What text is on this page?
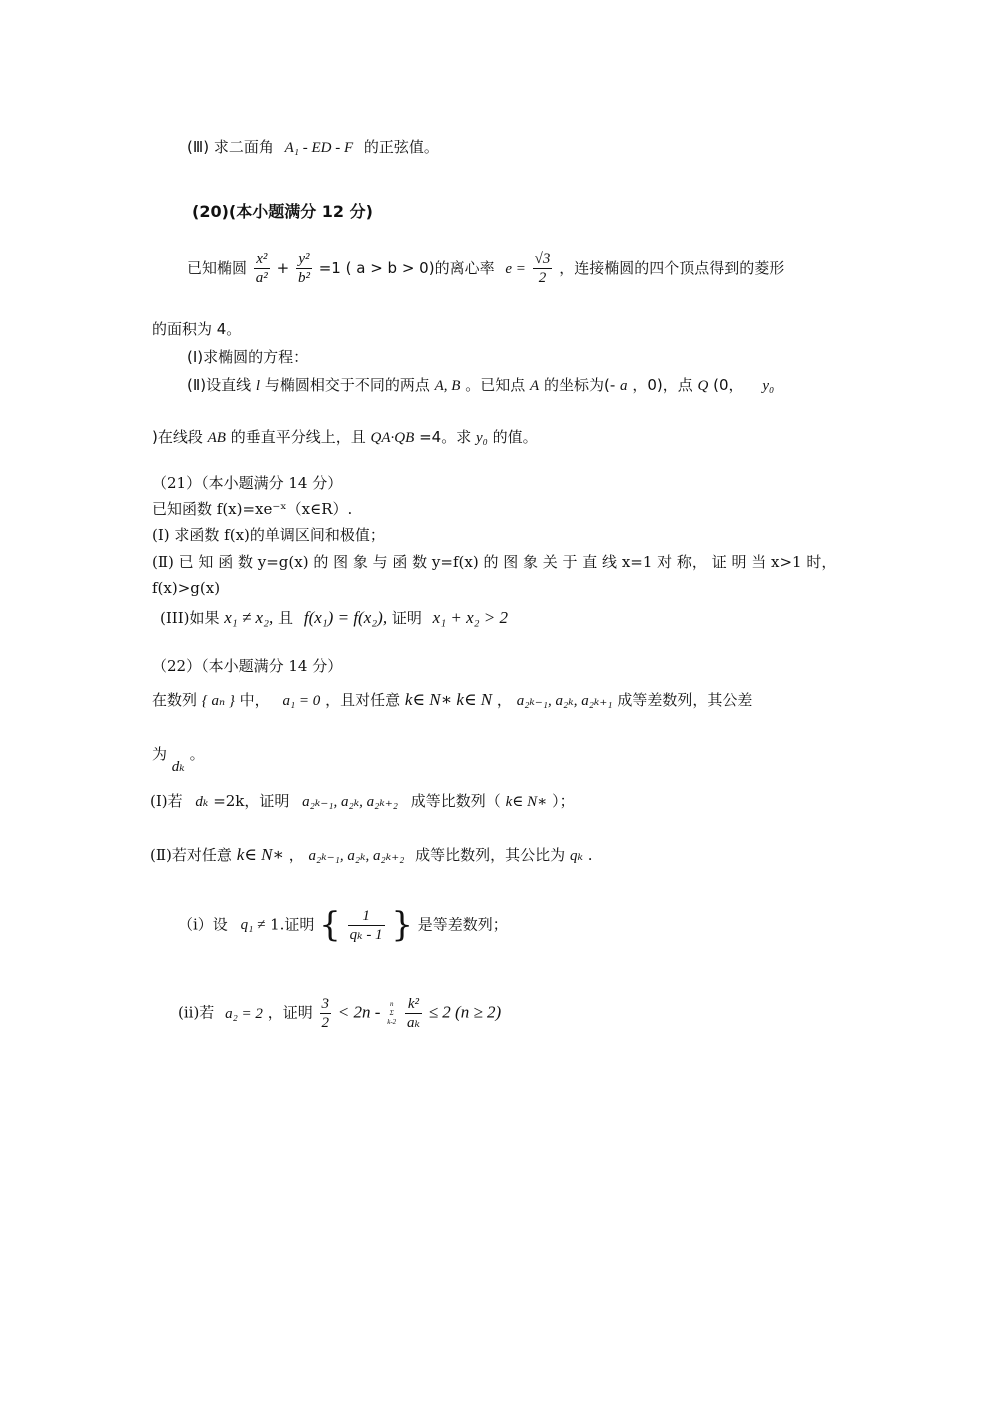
(Ⅲ) 求二面角 A₁ - ED - F 的正弦值。
(20)(本小题满分 12 分)
已知椭圆 $\frac{\text{x²}}{\text{a²}} + \frac{\text{y²}}{\text{b²}} =1$ ( a > b > 0)的离心率 $e = \frac{√3}{2}$ ，连接椭圆的四个顶点得到的菱形
的面积为 4。
(Ⅰ)求椭圆的方程：
(Ⅱ)设直线 l 与椭圆相交于不同的两点 A, B 。已知点 A 的坐标为(- a ，0)，点 Q (0， y₀
)在线段 AB 的垂直平分线上，且 QA·QB =4。求 y₀ 的值。
（21）（本小题满分 14 分）
已知函数 f(x)=xe⁻ˣ（x∈R）.
(Ⅰ) 求函数 f(x)的单调区间和极值；
(Ⅱ) 已 知 函 数 y=g(x) 的 图 象 与 函 数 y=f(x) 的 图 象 关 于 直 线 x=1 对 称， 证 明 当 x>1 时，
f(x)>g(x)
(III)如果 x₁ ≠ x₂, 且 f(x₁) = f(x₂), 证明 x₁ + x₂ > 2
（22）（本小题满分 14 分）
在数列 { aₙ } 中， a₁ = 0 ，且对任意 k∈ N∗ k∈ N ， a₂ₖ₋₁, a₂ₖ, a₂ₖ₊₁ 成等差数列，其公差
为 dₖ 。
(Ⅰ)若 dₖ =2k，证明 a₂ₖ₋₁, a₂ₖ, a₂ₖ₊₂ 成等比数列（ k∈ N∗ ）；
(Ⅱ)若对任意 k∈ N∗ ， a₂ₖ₋₁, a₂ₖ, a₂ₖ₊₂ 成等比数列，其公比为 qₖ .
（i）设 q₁ ≠ 1.证明 { $\frac{1}{\text{qₖ - 1}}$ } 是等差数列；
(ii)若 a₂ = 2 ，证明 $\frac{3}{2} < 2n$ -	n
Σ
k-2
$\frac{\text{k²}}{\text{aₖ}} \le 2$ (n ≥ 2)
